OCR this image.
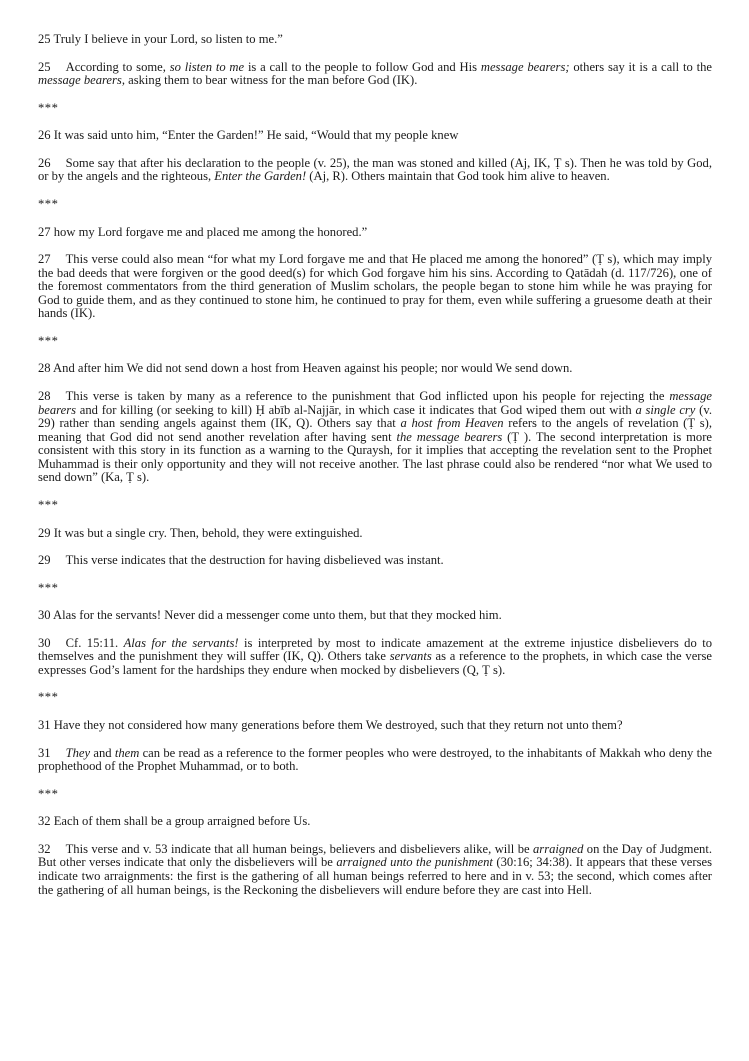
25 Truly I believe in your Lord, so listen to me.”

25 According to some, so listen to me is a call to the people to follow God and His message bearers; others say it is a call to the message bearers, asking them to bear witness for the man before God (IK).

***

26 It was said unto him, “Enter the Garden!” He said, “Would that my people knew

26 Some say that after his declaration to the people (v. 25), the man was stoned and killed (Aj, IK, Ṭ s). Then he was told by God, or by the angels and the righteous, Enter the Garden! (Aj, R). Others maintain that God took him alive to heaven.

***

27 how my Lord forgave me and placed me among the honored.”

27 This verse could also mean “for what my Lord forgave me and that He placed me among the honored” (Ṭ s), which may imply the bad deeds that were forgiven or the good deed(s) for which God forgave him his sins. According to Qatādah (d. 117/726), one of the foremost commentators from the third generation of Muslim scholars, the people began to stone him while he was praying for God to guide them, and as they continued to stone him, he continued to pray for them, even while suffering a gruesome death at their hands (IK).

***

28 And after him We did not send down a host from Heaven against his people; nor would We send down.

28 This verse is taken by many as a reference to the punishment that God inflicted upon his people for rejecting the message bearers and for killing (or seeking to kill) Ḥ abīb al-Najjār, in which case it indicates that God wiped them out with a single cry (v. 29) rather than sending angels against them (IK, Q). Others say that a host from Heaven refers to the angels of revelation (Ṭ s), meaning that God did not send another revelation after having sent the message bearers (Ṭ ). The second interpretation is more consistent with this story in its function as a warning to the Quraysh, for it implies that accepting the revelation sent to the Prophet Muhammad is their only opportunity and they will not receive another. The last phrase could also be rendered “nor what We used to send down” (Ka, Ṭ s).

***

29 It was but a single cry. Then, behold, they were extinguished.

29 This verse indicates that the destruction for having disbelieved was instant.

***

30 Alas for the servants! Never did a messenger come unto them, but that they mocked him.

30 Cf. 15:11. Alas for the servants! is interpreted by most to indicate amazement at the extreme injustice disbelievers do to themselves and the punishment they will suffer (IK, Q). Others take servants as a reference to the prophets, in which case the verse expresses God’s lament for the hardships they endure when mocked by disbelievers (Q, Ṭ s).

***

31 Have they not considered how many generations before them We destroyed, such that they return not unto them?

31 They and them can be read as a reference to the former peoples who were destroyed, to the inhabitants of Makkah who deny the prophethood of the Prophet Muhammad, or to both.

***

32 Each of them shall be a group arraigned before Us.

32 This verse and v. 53 indicate that all human beings, believers and disbelievers alike, will be arraigned on the Day of Judgment. But other verses indicate that only the disbelievers will be arraigned unto the punishment (30:16; 34:38). It appears that these verses indicate two arraignments: the first is the gathering of all human beings referred to here and in v. 53; the second, which comes after the gathering of all human beings, is the Reckoning the disbelievers will endure before they are cast into Hell.
